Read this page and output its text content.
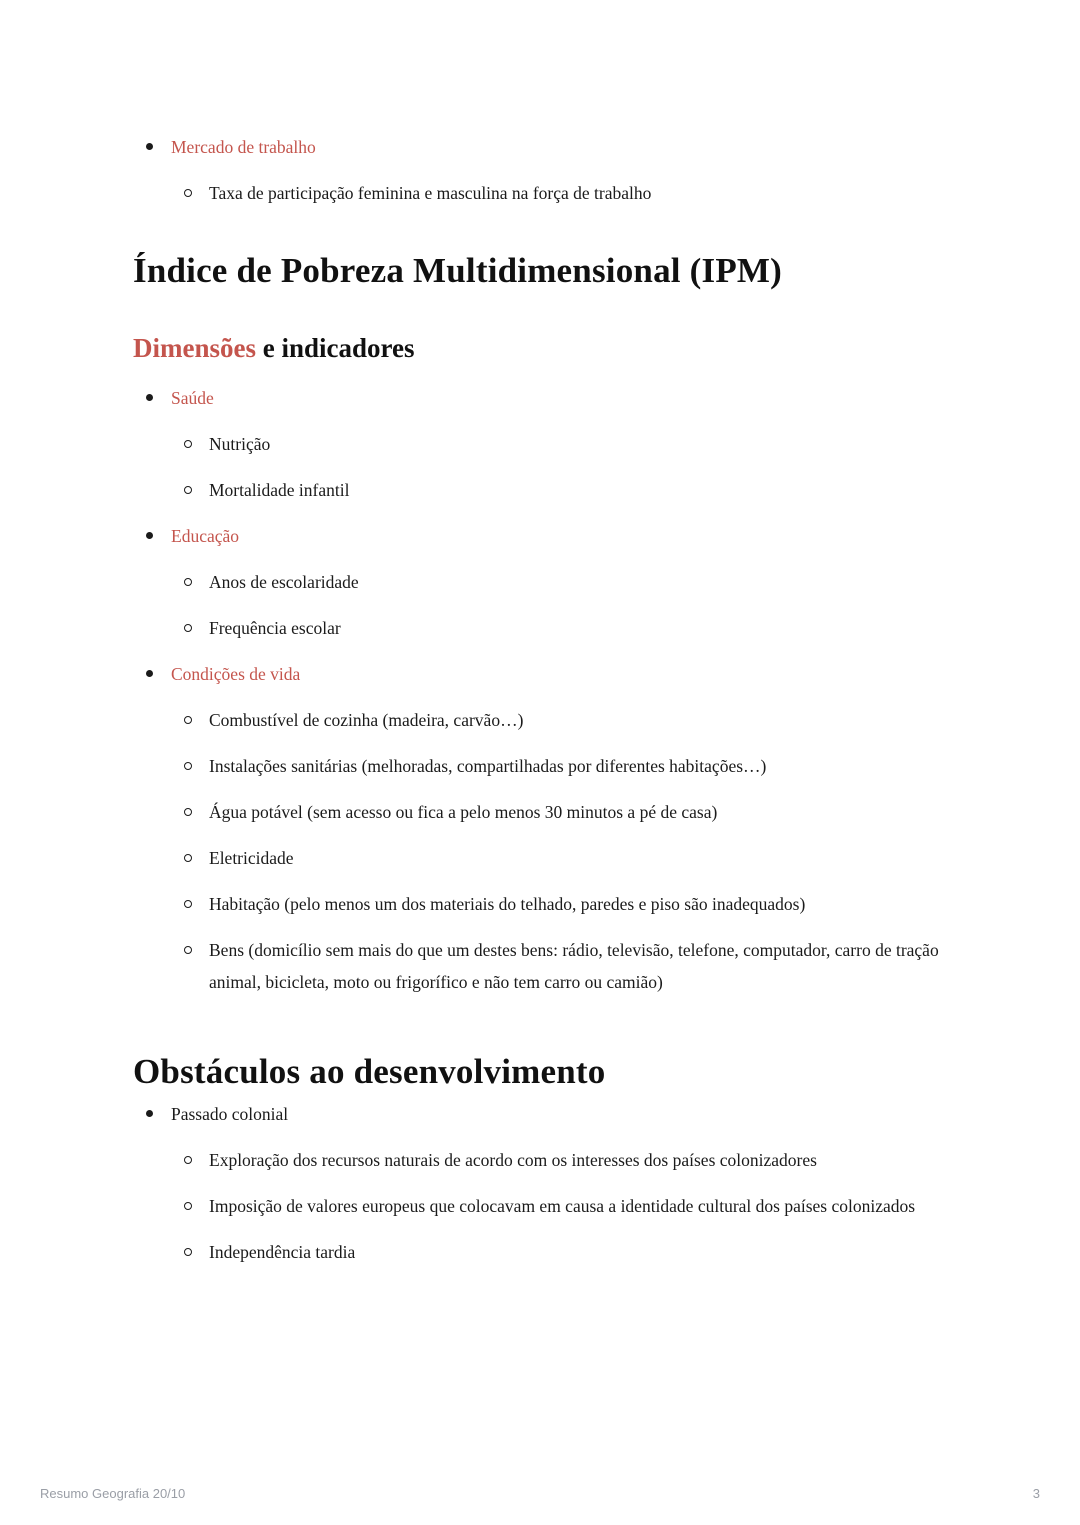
Mercado de trabalho
Taxa de participação feminina e masculina na força de trabalho
Índice de Pobreza Multidimensional (IPM)
Dimensões e indicadores
Saúde
Nutrição
Mortalidade infantil
Educação
Anos de escolaridade
Frequência escolar
Condições de vida
Combustível de cozinha (madeira, carvão…)
Instalações sanitárias (melhoradas, compartilhadas por diferentes habitações…)
Água potável (sem acesso ou fica a pelo menos 30 minutos a pé de casa)
Eletricidade
Habitação (pelo menos um dos materiais do telhado, paredes e piso são inadequados)
Bens (domicílio sem mais do que um destes bens: rádio, televisão, telefone, computador, carro de tração animal, bicicleta, moto ou frigorífico e não tem carro ou camião)
Obstáculos ao desenvolvimento
Passado colonial
Exploração dos recursos naturais de acordo com os interesses dos países colonizadores
Imposição de valores europeus que colocavam em causa a identidade cultural dos países colonizados
Independência tardia
Resumo Geografia 20/10	3
